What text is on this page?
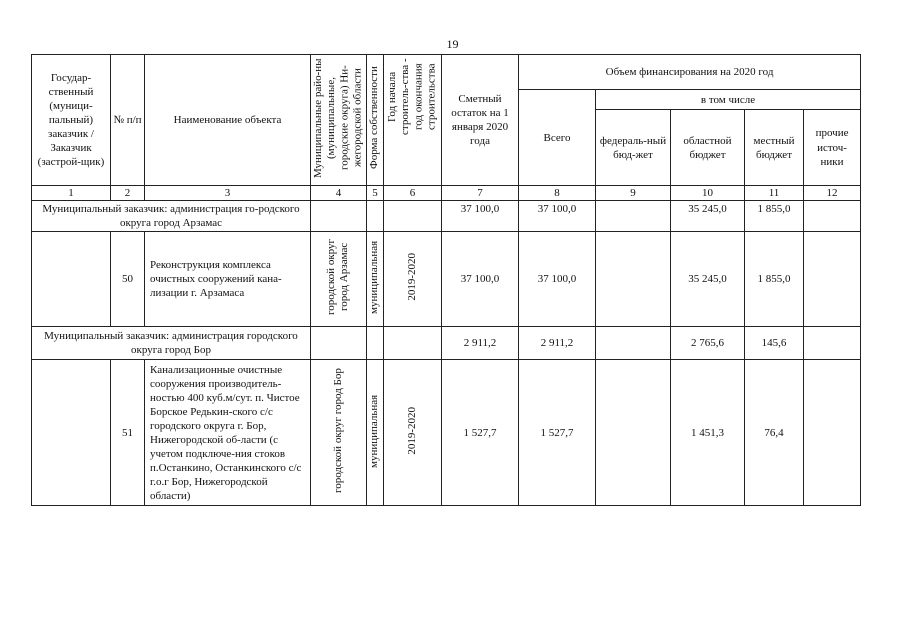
19
Государ-ственный (муници-пальный) заказчик / Заказчик (застрой-щик)	№ п/п	Наименование объекта	Муниципальные райо-ны (муниципальные, городские округа) Ни-жегородской области	Форма собственности	Год начала строитель-ства - год окончания строительства	Сметный остаток на 1 января 2020 года	Объем финансирования на 2020 год				
							Всего	в том числе			
								федераль-ный бюд-жет	областной бюджет	местный бюджет	прочие источ-ники
1	2	3	4	5	6	7	8	9	10	11	12
Муниципальный заказчик: администрация го-родского округа город Арзамас						37 100,0	37 100,0		35 245,0	1 855,0	
	50	Реконструкция комплекса очистных сооружений кана-лизации г. Арзамаса	городской округ город Арзамас	муниципальная	2019-2020	37 100,0	37 100,0		35 245,0	1 855,0	
Муниципальный заказчик: администрация городского округа город Бор						2 911,2	2 911,2		2 765,6	145,6	
	51	Канализационные очистные сооружения производитель-ностью 400 куб.м/сут. п. Чистое Борское Редькин-ского с/с городского округа г. Бор, Нижегородской об-ласти (с учетом подключе-ния стоков п.Останкино, Останкинского с/с г.о.г Бор, Нижегородской области)	городской округ город Бор	муниципальная	2019-2020	1 527,7	1 527,7		1 451,3	76,4	
